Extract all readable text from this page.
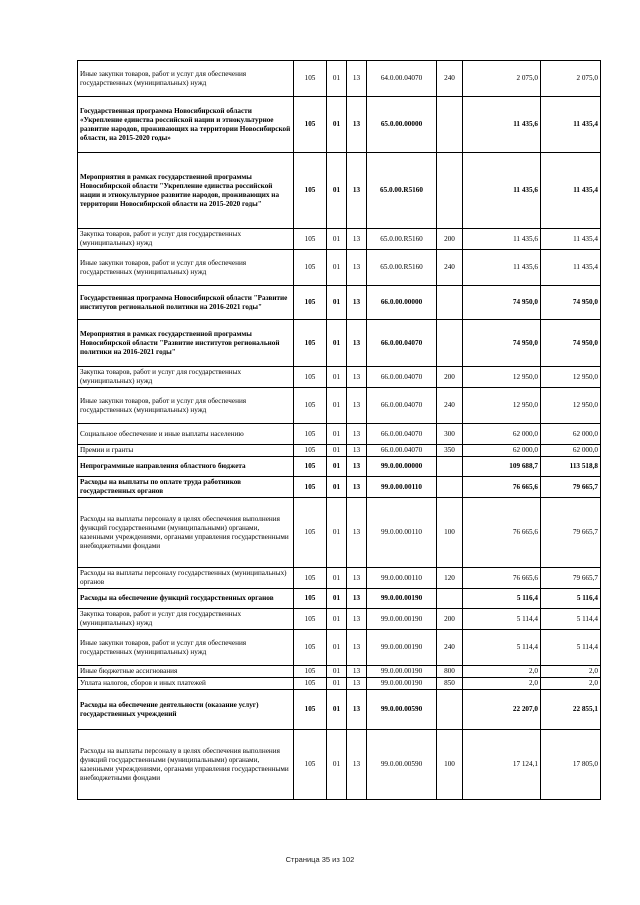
Иные закупки товаров, работ и услуг для обеспечения государственных (муниципальных) нужд	105	01	13	64.0.00.04070	240	2 075,0	2 075,0
Государственная программа Новосибирской области «Укрепление единства российской нации и этнокультурное развитие народов, проживающих на территории Новосибирской области, на 2015-2020 годы»	105	01	13	65.0.00.00000		11 435,6	11 435,4
Мероприятия в рамках государственной программы Новосибирской области "Укрепление единства российской нации и этнокультурное развитие народов, проживающих на территории Новосибирской области на 2015-2020 годы"	105	01	13	65.0.00.R5160		11 435,6	11 435,4
Закупка товаров, работ и услуг для государственных (муниципальных) нужд	105	01	13	65.0.00.R5160	200	11 435,6	11 435,4
Иные закупки товаров, работ и услуг для обеспечения государственных (муниципальных) нужд	105	01	13	65.0.00.R5160	240	11 435,6	11 435,4
Государственная программа Новосибирской области "Развитие институтов региональной политики на 2016-2021 годы"	105	01	13	66.0.00.00000		74 950,0	74 950,0
Мероприятия в рамках государственной программы Новосибирской области "Развитие институтов региональной политики на 2016-2021 годы"	105	01	13	66.0.00.04070		74 950,0	74 950,0
Закупка товаров, работ и услуг для государственных (муниципальных) нужд	105	01	13	66.0.00.04070	200	12 950,0	12 950,0
Иные закупки товаров, работ и услуг для обеспечения государственных (муниципальных) нужд	105	01	13	66.0.00.04070	240	12 950,0	12 950,0
Социальное обеспечение и иные выплаты населению	105	01	13	66.0.00.04070	300	62 000,0	62 000,0
Премии и гранты	105	01	13	66.0.00.04070	350	62 000,0	62 000,0
Непрограммные направления областного бюджета	105	01	13	99.0.00.00000		109 688,7	113 518,8
Расходы на выплаты по оплате труда работников государственных органов	105	01	13	99.0.00.00110		76 665,6	79 665,7
Расходы на выплаты персоналу в целях обеспечения выполнения функций государственными (муниципальными) органами, казенными учреждениями, органами управления государственными внебюджетными фондами	105	01	13	99.0.00.00110	100	76 665,6	79 665,7
Расходы на выплаты персоналу государственных (муниципальных) органов	105	01	13	99.0.00.00110	120	76 665,6	79 665,7
Расходы на обеспечение функций государственных органов	105	01	13	99.0.00.00190		5 116,4	5 116,4
Закупка товаров, работ и услуг для государственных (муниципальных) нужд	105	01	13	99.0.00.00190	200	5 114,4	5 114,4
Иные закупки товаров, работ и услуг для обеспечения государственных (муниципальных) нужд	105	01	13	99.0.00.00190	240	5 114,4	5 114,4
Иные бюджетные ассигнования	105	01	13	99.0.00.00190	800	2,0	2,0
Уплата налогов, сборов и иных платежей	105	01	13	99.0.00.00190	850	2,0	2,0
Расходы на обеспечение деятельности (оказание услуг) государственных учреждений	105	01	13	99.0.00.00590		22 207,0	22 855,1
Расходы на выплаты персоналу в целях обеспечения выполнения функций государственными (муниципальными) органами, казенными учреждениями, органами управления государственными внебюджетными фондами	105	01	13	99.0.00.00590	100	17 124,1	17 805,0
Страница 35 из 102
